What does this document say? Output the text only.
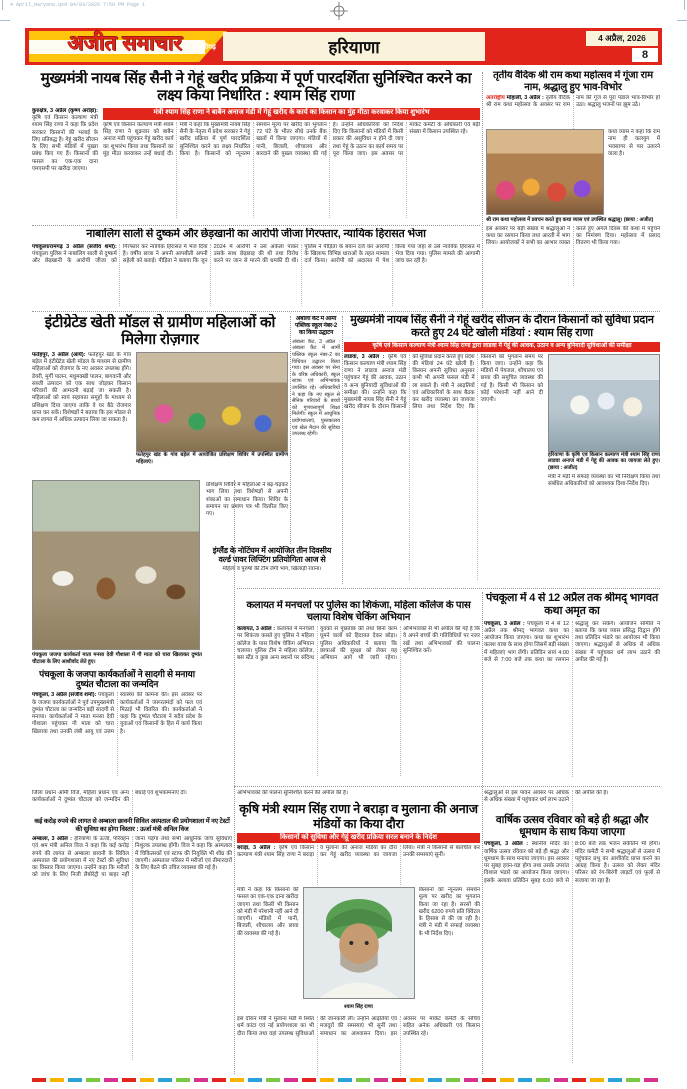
4 April_Haryana.qxd 04/03/2026 7:50 PM Page 1
अजीत समाचार	चंडीगढ़	हरियाणा	4 अप्रैल, 2026
8
मुख्यमंत्री नायब सिंह सैनी ने गेहूं खरीद प्रक्रिया में पूर्ण पारदर्शिता सुनिश्चित करने का लक्ष्य किया निर्धारित : श्याम सिंह राणा
कुरुक्षेत्र, 3 अप्रैल (कृष्ण अरोड़ा): कृषि एवं किसान कल्याण मंत्री श्याम सिंह राणा ने कहा कि प्रदेश सरकार किसानों की भलाई के लिए प्रतिबद्ध है। गेहूं खरीद सीजन के लिए सभी मंडियों में पुख्ता प्रबंध किए गए हैं। किसानों की फसल का एक-एक दाना एमएसपी पर खरीदा जाएगा।
मंत्री श्याम सिंह राणा ने बाबैन अनाज मंडी में गेहूं खरीद के कार्य का किसान का मुंह मीठा करवाकर किया शुभारंभ
कृषि एवं किसान कल्याण मंत्री श्याम सिंह राणा ने शुक्रवार को बाबैन अनाज मंडी पहुंचकर गेहूं खरीद कार्य का शुभारंभ किया तथा किसानों का मुंह मीठा करवाकर उन्हें बधाई दी। मंत्री ने कहा कि मुख्यमंत्री नायब सिंह सैनी के नेतृत्व में प्रदेश सरकार ने गेहूं खरीद प्रक्रिया में पूर्ण पारदर्शिता सुनिश्चित करने का लक्ष्य निर्धारित किया है। किसानों को न्यूनतम समर्थन मूल्य पर खरीद का भुगतान 72 घंटे के भीतर सीधे उनके बैंक खातों में किया जाएगा। मंडियों में पानी, बिजली, शौचालय और बारदाने की पुख्ता व्यवस्था की गई है। उन्होंने अधिकारियों को निर्देश दिए कि किसानों को मंडियों में किसी प्रकार की असुविधा न होने दी जाए तथा गेहूं के उठान का कार्य समय पर पूरा किया जाए। इस अवसर पर मार्केट कमेटी के अधिकारी एवं बड़ी संख्या में किसान उपस्थित रहे।
तृतीय वैदिक श्री राम कथा महोत्सव में गूंजा राम नाम, श्रद्धालु हुए भाव-विभोर
अंतर्राष्ट्रीय मोहाली, 3 अप्रैल : तृतीय वैदिक श्री राम कथा महोत्सव के अवसर पर राम नाम की गूंज से पूरा पंडाल भाव-विभोर हो उठा। श्रद्धालु भजनों पर झूम उठे।
कथा व्यास ने कहा कि राम नाम ही कलयुग में भवसागर से पार उतारने वाला है।
श्री राम कथा महोत्सव में प्रवचन करते हुए कथा व्यास एवं उपस्थित श्रद्धालु। (छाया : अजीत)
इस अवसर पर बड़ी संख्या में श्रद्धालुओं ने कथा का रसपान किया तथा आरती में भाग लिया। आयोजकों ने सभी का आभार व्यक्त करते हुए अगले दिवस की कथा में पहुंचने का निमंत्रण दिया। महोत्सव में प्रसाद वितरण भी किया गया।
नाबालिग साली से दुष्कर्म और छेड़खानी का आरोपी जीजा गिरफ्तार, न्यायिक हिरासत भेजा
पंचकूला/रामगढ़ 3 अप्रैल (संजीव शर्मा): पंचकूला पुलिस ने नाबालिग साली से दुष्कर्म और छेड़खानी के आरोपी जीजा को गिरफ्तार कर न्यायिक हिरासत में भेज दिया है। वर्षीय छात्रा ने अपनी आपबीती अपनी सहेली को बताई। पीड़िता ने बताया कि जून 2024 में आरोपी ने उसे अकेला पाकर उसके साथ छेड़छाड़ की थी तथा विरोध करने पर जान से मारने की धमकी दी थी। पुलिस ने पीड़िता के बयान दर्ज कर आरोपी के खिलाफ विभिन्न धाराओं के तहत मामला दर्ज किया। आरोपी को अदालत में पेश किया गया जहां से उसे न्यायिक हिरासत में भेज दिया गया। पुलिस मामले की आगामी जांच कर रही है।
इंटीग्रेटेड खेती मॉडल से ग्रामीण महिलाओं को मिलेगा रोज़गार
फतेहपुर, 3 अप्रैल (आर्य): फतेहपुर खंड के गांव बड़ेल में इंटीग्रेटेड खेती मॉडल के माध्यम से ग्रामीण महिलाओं को रोजगार के नए अवसर उपलब्ध होंगे। डेयरी, मुर्गी पालन, मधुमक्खी पालन, बागवानी और सब्जी उत्पादन को एक साथ जोड़कर किसान परिवारों की आमदनी बढ़ाई जा सकती है। महिलाओं को स्वयं सहायता समूहों के माध्यम से प्रशिक्षण दिया जाएगा ताकि वे घर बैठे रोजगार प्राप्त कर सकें। विशेषज्ञों ने बताया कि इस मॉडल से कम लागत में अधिक उत्पादन लिया जा सकता है।
फतेहपुर खंड के गांव बड़ेल में आयोजित प्रशिक्षण शिविर में उपस्थित ग्रामीण महिलाएं।
प्रशिक्षण शिविर में महिलाओं ने बढ़-चढ़कर भाग लिया तथा विशेषज्ञों से अपनी शंकाओं का समाधान किया। शिविर के समापन पर प्रमाण पत्र भी वितरित किए गए।
अंबाला कैंट में आर्मी पब्लिक स्कूल नंबर-2 का किया उद्घाटन
अंबाला कैंट, 3 अप्रैल : अंबाला कैंट में आर्मी पब्लिक स्कूल नंबर-2 का विधिवत उद्घाटन किया गया। इस अवसर पर सेना के वरिष्ठ अधिकारी, स्कूल स्टाफ एवं अभिभावक उपस्थित रहे। अधिकारियों ने कहा कि नए स्कूल से सैनिक परिवारों के बच्चों को गुणवत्तापूर्ण शिक्षा मिलेगी। स्कूल में आधुनिक प्रयोगशालाएं, पुस्तकालय एवं खेल मैदान की सुविधा उपलब्ध रहेगी।
मुख्यमंत्री नायब सिंह सैनी ने गेहूं खरीद सीजन के दौरान किसानों को सुविधा प्रदान करते हुए 24 घंटे खोली मंडियां : श्याम सिंह राणा
कृषि एवं किसान कल्याण मंत्री श्याम सिंह राणा द्वारा लाडवा में गेहूं की आवक, उठान व अन्य बुनियादी सुविधाओं की समीक्षा
लाडवा, 3 अप्रैल : कृषि एवं किसान कल्याण मंत्री श्याम सिंह राणा ने लाडवा अनाज मंडी पहुंचकर गेहूं की आवक, उठान व अन्य बुनियादी सुविधाओं की समीक्षा की। उन्होंने कहा कि मुख्यमंत्री नायब सिंह सैनी ने गेहूं खरीद सीजन के दौरान किसानों को सुविधा प्रदान करते हुए प्रदेश की मंडियां 24 घंटे खोली हैं। किसान अपनी सुविधा अनुसार कभी भी अपनी फसल मंडी में ला सकते हैं। मंत्री ने आढ़तियों एवं अधिकारियों के साथ बैठक कर खरीद व्यवस्था का जायजा लिया तथा निर्देश दिए कि किसानों को भुगतान समय पर किया जाए। उन्होंने कहा कि मंडियों में पेयजल, शौचालय एवं छाया की समुचित व्यवस्था की गई है। किसी भी किसान को कोई परेशानी नहीं आने दी जाएगी।
हरियाणा के कृषि एवं किसान कल्याण मंत्री श्याम सिंह राणा लाडवा अनाज मंडी में गेहूं की आवक का जायजा लेते हुए। (छाया : अजीत)
मंत्री ने मंडी में सफाई व्यवस्था का भी निरीक्षण किया तथा संबंधित अधिकारियों को आवश्यक दिशा-निर्देश दिए।
पंचकूला जजपा कार्यकर्ता माता मनसा देवी गौशाला में गौ माता को चारा खिलाकर दुष्यंत चौटाला के लिए आशीर्वाद लेते हुए।
पंचकूला के जजपा कार्यकर्ताओं ने सादगी से मनाया दुष्यंत चौटाला का जन्मदिन
पंचकूला, 3 अप्रैल (संजीव शर्मा): पंचकूला के जजपा कार्यकर्ताओं ने पूर्व उपमुख्यमंत्री दुष्यंत चौटाला का जन्मदिन बड़ी सादगी से मनाया। कार्यकर्ताओं ने माता मनसा देवी गौशाला पहुंचकर गौ माता को चारा खिलाया तथा उनकी लंबी आयु एवं उत्तम स्वास्थ्य की कामना की। इस अवसर पर कार्यकर्ताओं ने जरूरतमंदों को फल एवं मिठाई भी वितरित की। कार्यकर्ताओं ने कहा कि दुष्यंत चौटाला ने सदैव प्रदेश के युवाओं एवं किसानों के हित में कार्य किया है।
इंग्लैंड के नोटिंघम में आयोजित तीन दिवसीय वर्ल्ड पावर लिफ्टिंग प्रतियोगिता आज से
महिला व पुरुषों की टीम लेगी भाग, खिलाड़ी रवाना।
कलायत में मनचलों पर पुलिस का शिकंजा, महिला कॉलेज के पास चलाया विशेष चेकिंग अभियान
कलायत, 3 अप्रैल : कलायत में मनचलों पर शिकंजा कसते हुए पुलिस ने महिला कॉलेज के पास विशेष चेकिंग अभियान चलाया। पुलिस टीम ने महिला कॉलेज, बस स्टैंड व कुछ अन्य स्थानों पर संदिग्ध युवकों से पूछताछ की तथा बिना काम घूमने वालों को हिदायत देकर छोड़ा। पुलिस अधिकारियों ने बताया कि छात्राओं की सुरक्षा को लेकर यह अभियान आगे भी जारी रहेगा। अभिभावकों से भी अपील की गई है कि वे अपने बच्चों की गतिविधियों पर नजर रखें तथा अभिभावकों की पालना सुनिश्चित करें।
पंचकूला में 4 से 12 अप्रैल तक श्रीमद् भागवत कथा अमृत का
पंचकूला, 3 अप्रैल : पंचकूला में 4 से 12 अप्रैल तक श्रीमद् भागवत कथा का आयोजन किया जाएगा। कथा का शुभारंभ कलश यात्रा के साथ होगा जिसमें बड़ी संख्या में महिलाएं भाग लेंगी। प्रतिदिन सायं 4:00 बजे से 7:00 बजे तक कथा का रसपान श्रद्धालु कर सकेंगे। आयोजन समिति ने बताया कि कथा व्यास प्रसिद्ध विद्वान होंगे तथा प्रतिदिन भंडारे का आयोजन भी किया जाएगा। श्रद्धालुओं से अधिक से अधिक संख्या में पहुंचकर धर्म लाभ उठाने की अपील की गई है।
जिला प्रधान ओमी विज, महिला प्रधान एवं अन्य कार्यकर्ताओं ने दुष्यंत चौटाला को जन्मदिन की बधाई एवं शुभकामनाएं दीं।
कई करोड़ रुपये की लागत से अम्बाला छावनी सिविल अस्पताल की प्रयोगशाला में नए टेस्टों की सुविधा का होगा विस्तार : ऊर्जा मंत्री अनिल विज
अम्बाला, 3 अप्रैल : हरियाणा के ऊर्जा, परिवहन एवं श्रम मंत्री अनिल विज ने कहा कि कई करोड़ रुपये की लागत से अम्बाला छावनी के सिविल अस्पताल की प्रयोगशाला में नए टेस्टों की सुविधा का विस्तार किया जाएगा। उन्होंने कहा कि मरीजों को जांच के लिए निजी लैबोरेट्री या बाहर नहीं जाना पड़ेगा तथा सभी आधुनिक जांच सुविधाएं निशुल्क उपलब्ध होंगी। विज ने कहा कि अस्पताल में चिकित्सकों एवं स्टाफ की नियुक्ति भी शीघ्र की जाएगी। अस्पताल परिसर में मरीजों एवं तीमारदारों के लिए बैठने की उचित व्यवस्था की गई है।
अभिभावकों की पालना सुनिश्चित करने की अपील की है।
कृषि मंत्री श्याम सिंह राणा ने बराड़ा व मुलाना की अनाज मंडियों का किया दौरा
किसानों को सुविधा और गेहूं खरीद प्रक्रिया सरल बनाने के निर्देश
बराड़ा, 3 अप्रैल : कृषि एवं किसान कल्याण मंत्री श्याम सिंह राणा ने बराड़ा व मुलाना की अनाज मंडियों का दौरा कर गेहूं खरीद व्यवस्था का जायजा लिया। मंत्री ने किसानों से बातचीत कर उनकी समस्याएं सुनीं।
मंत्री ने कहा कि किसानों की फसल का एक-एक दाना खरीदा जाएगा तथा किसी भी किसान को मंडी में परेशानी नहीं आने दी जाएगी। मंडियों में पानी, बिजली, शौचालय और छाया की व्यवस्था की गई है।
श्याम सिंह राणा
किसानों को न्यूनतम समर्थन मूल्य पर खरीद का भुगतान किया जा रहा है। सरसों की खरीद 6200 रुपये प्रति क्विंटल के हिसाब से की जा रही है। मंत्री ने मंडी में सफाई व्यवस्था के भी निर्देश दिए।
इस दौरान मंत्री ने मुलाना मंडी में स्थित धर्म कांटा एवं नई प्रयोगशाला का भी दौरा किया तथा वहां उपलब्ध सुविधाओं की जानकारी ली। उन्होंने आढ़तियों एवं मजदूरों की समस्याएं भी सुनीं तथा समाधान का आश्वासन दिया। इस अवसर पर मार्केट कमेटी के सचिव सहित अनेक अधिकारी एवं किसान उपस्थित रहे।
श्रद्धालुओं से इस पावन अवसर पर अधिक से अधिक संख्या में पहुंचकर धर्म लाभ उठाने की अपील की है।
वार्षिक उत्सव रविवार को बड़े ही श्रद्धा और धूमधाम के साथ किया जाएगा
पंचकूला, 3 अप्रैल : स्थानीय मंदिर का वार्षिक उत्सव रविवार को बड़े ही श्रद्धा और धूमधाम के साथ मनाया जाएगा। इस अवसर पर सुबह हवन-यज्ञ होगा तथा उसके उपरांत विशाल भंडारे का आयोजन किया जाएगा। इसके अलावा प्रतिदिन सुबह 6:00 बजे से 8:00 बजे तक भजन संकीर्तन भी होगा। मंदिर कमेटी ने सभी श्रद्धालुओं से उत्सव में पहुंचकर प्रभु का आशीर्वाद प्राप्त करने का आग्रह किया है। उत्सव को लेकर मंदिर परिसर को रंग-बिरंगी लाइटों एवं फूलों से सजाया जा रहा है।
